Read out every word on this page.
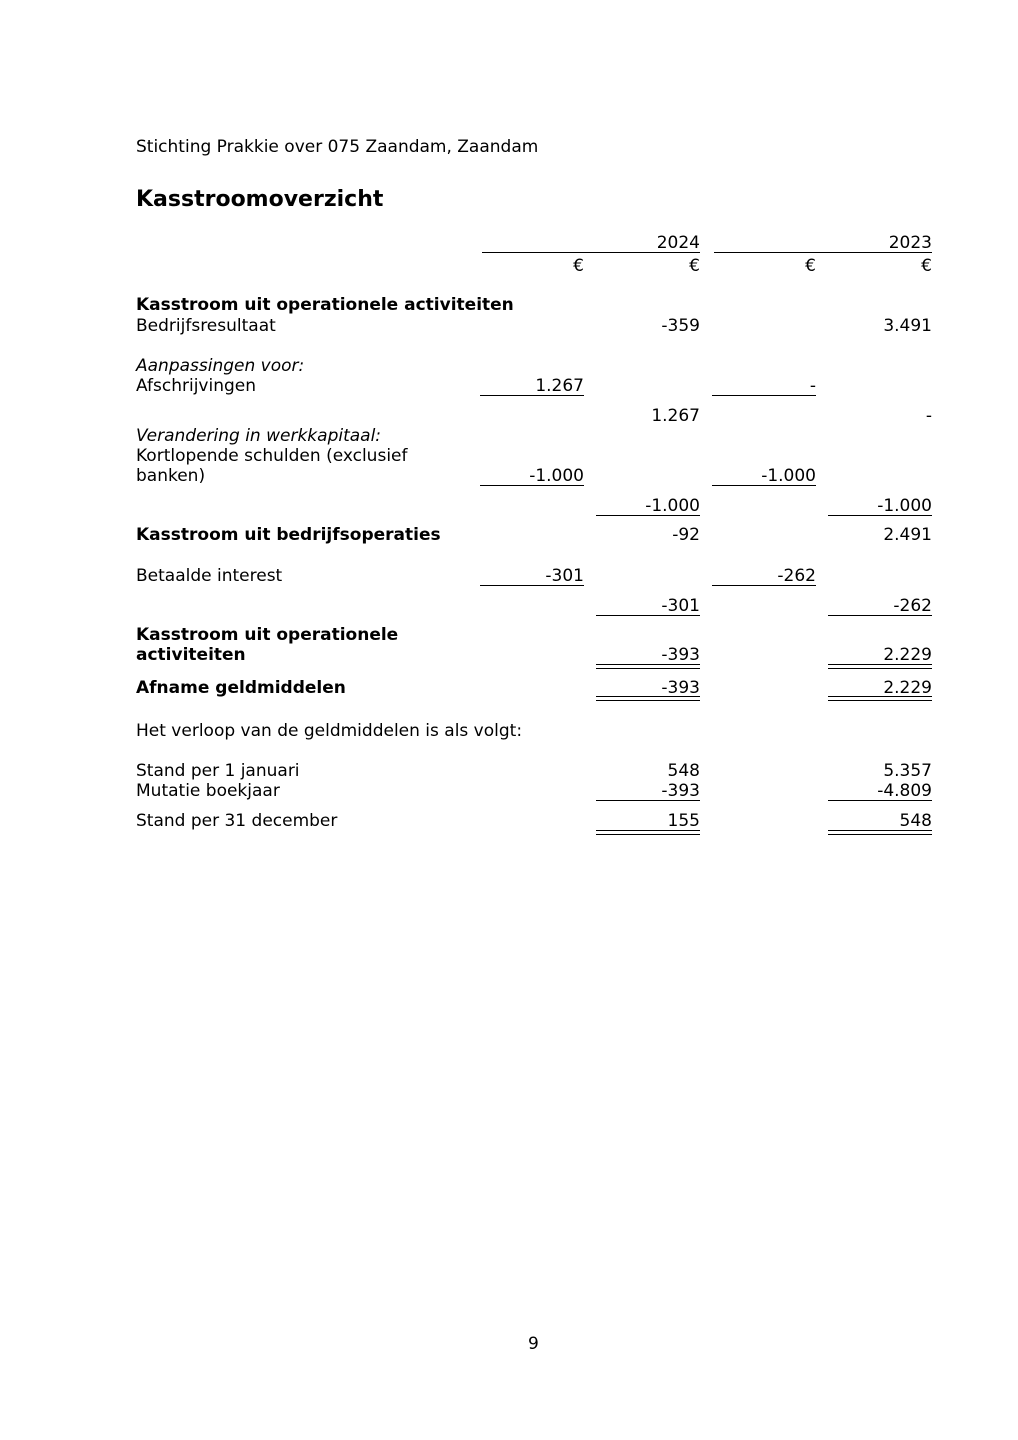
Stichting Prakkie over 075 Zaandam, Zaandam
Kasstroomoverzicht
2024	2023
€	€	€	€
Kasstroom uit operationele activiteiten
Bedrijfsresultaat	-359	3.491
Aanpassingen voor:
Afschrijvingen	1.267	-
1.267	-
Verandering in werkkapitaal:
Kortlopende schulden (exclusief
banken)	-1.000	-1.000
-1.000	-1.000
Kasstroom uit bedrijfsoperaties	-92	2.491
Betaalde interest	-301	-262
-301	-262
Kasstroom uit operationele
activiteiten	-393	2.229
Afname geldmiddelen	-393	2.229
Het verloop van de geldmiddelen is als volgt:
Stand per 1 januari	548	5.357
Mutatie boekjaar	-393	-4.809
Stand per 31 december	155	548
9
